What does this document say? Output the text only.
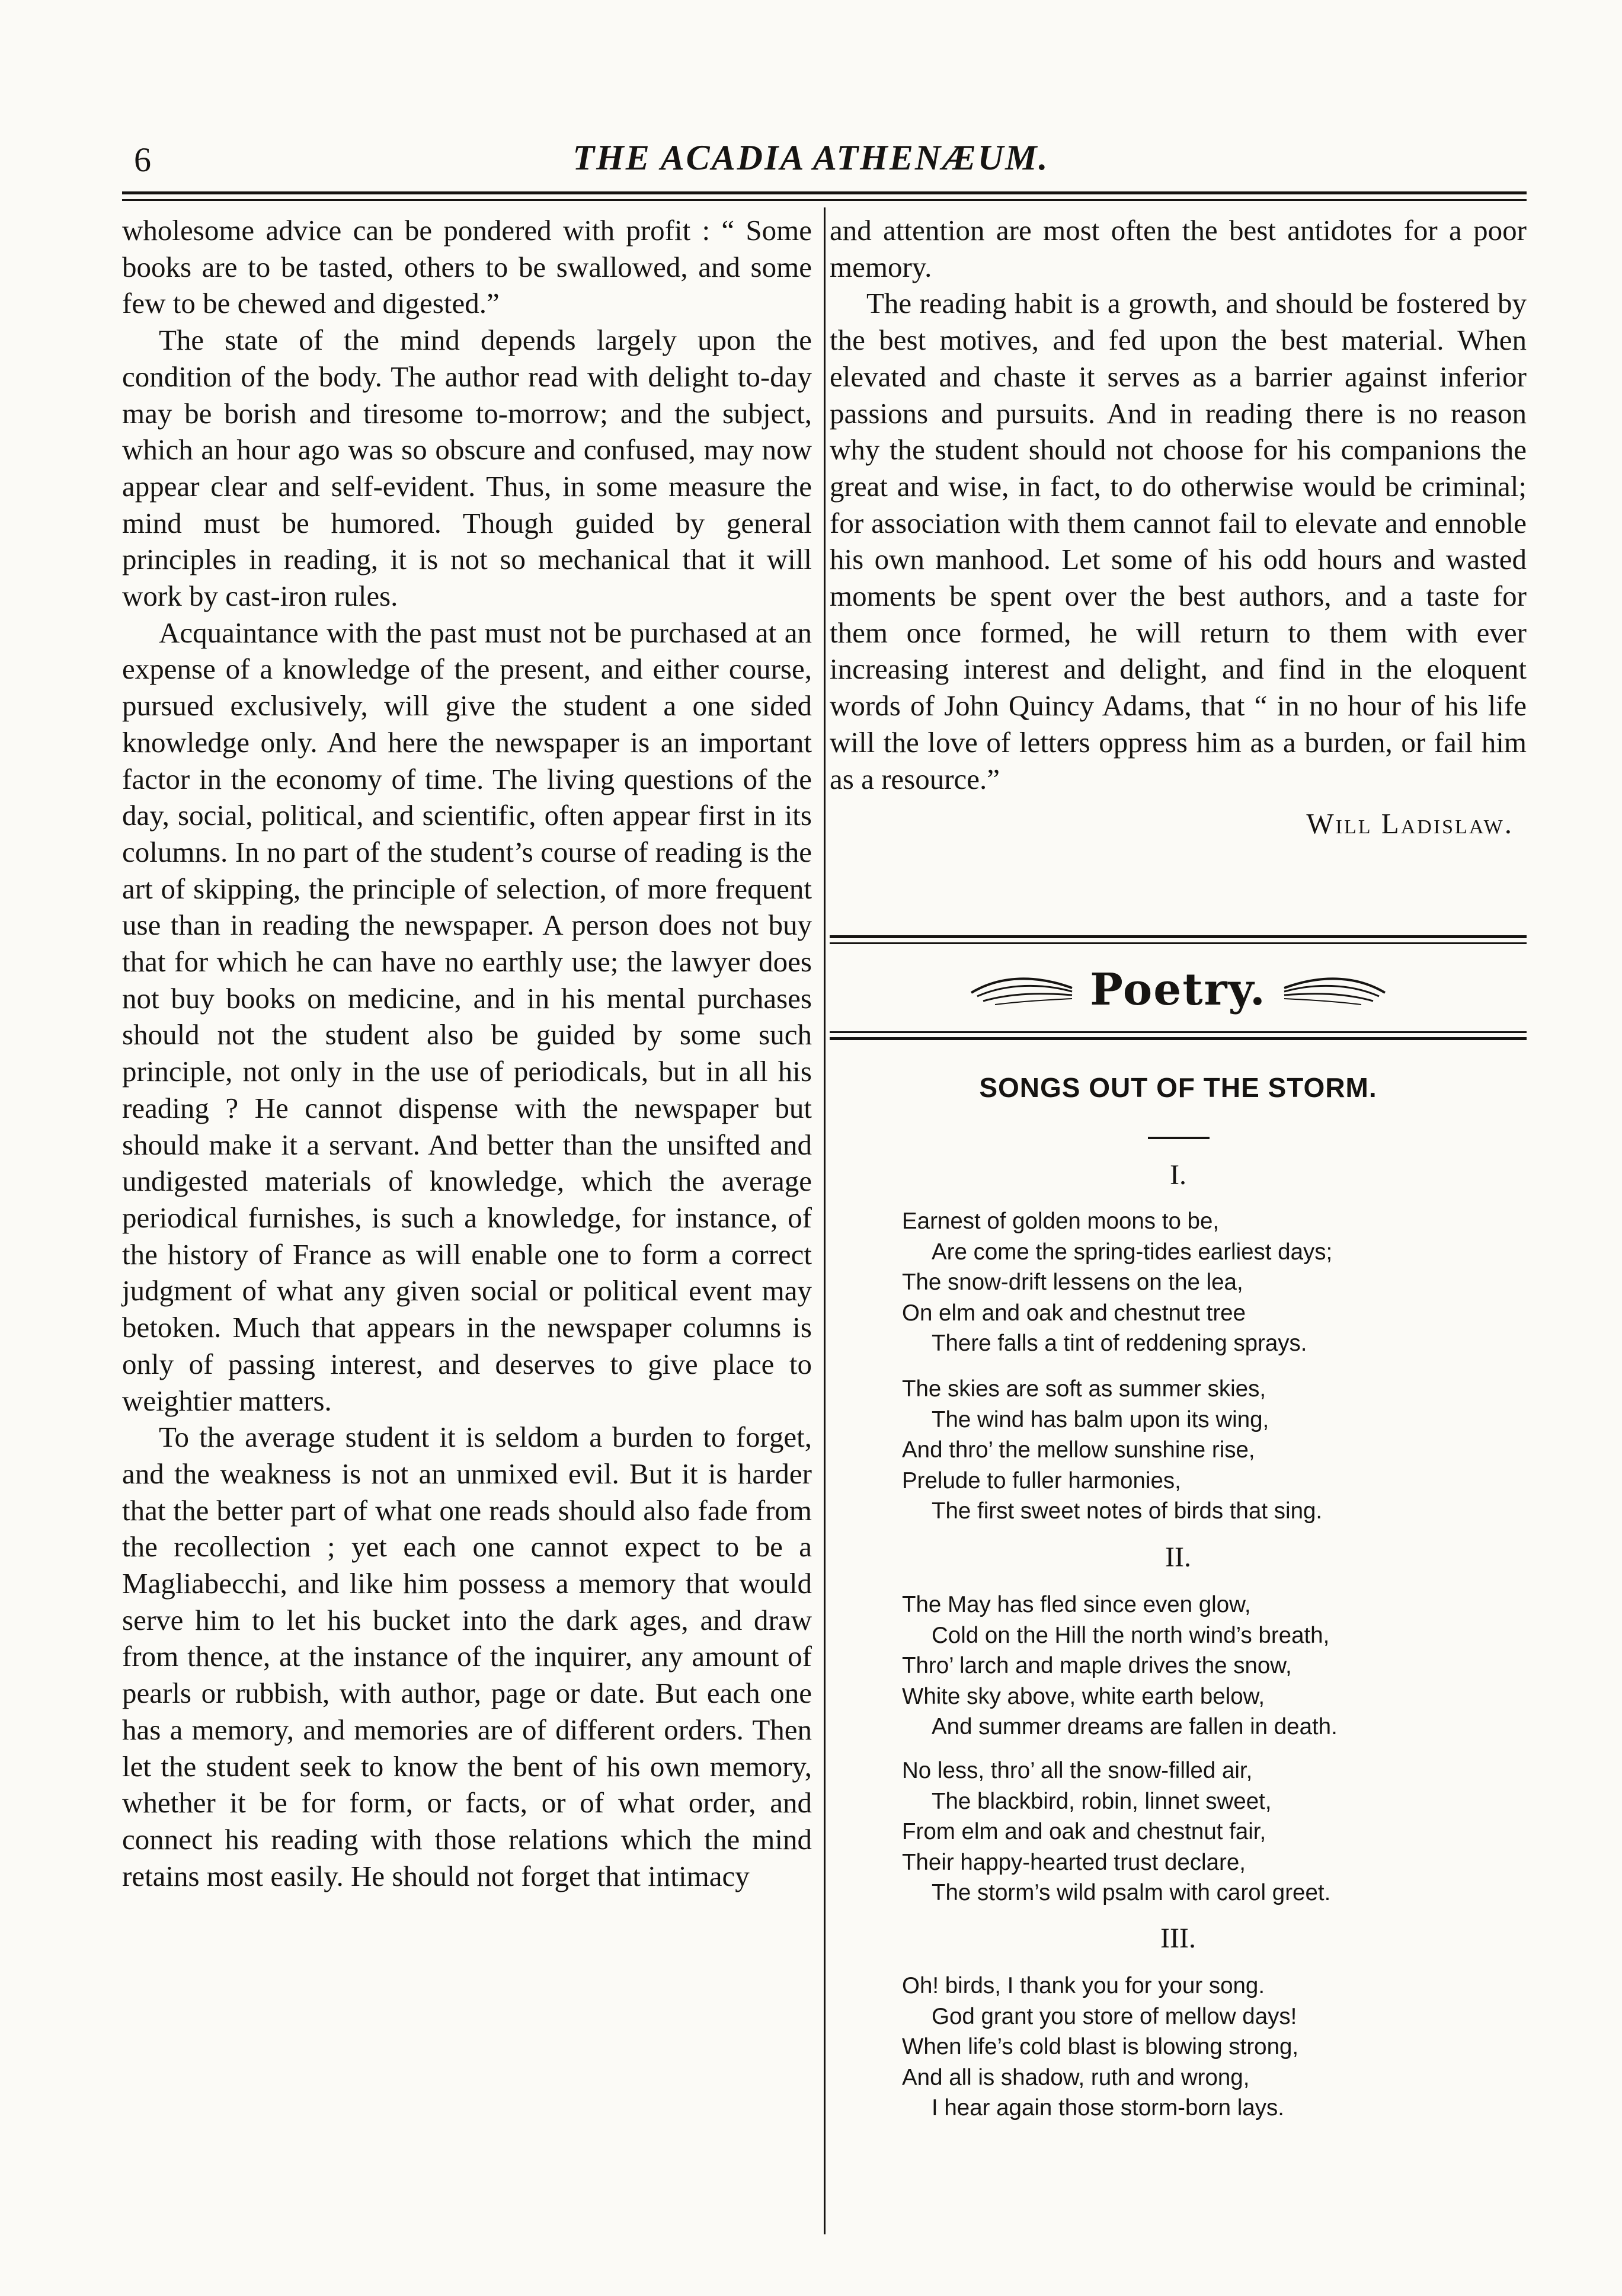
6	THE ACADIA ATHENÆUM.

wholesome advice can be pondered with profit : “ Some books are to be tasted, others to be swallowed, and some few to be chewed and digested.”

The state of the mind depends largely upon the condition of the body. The author read with delight to-day may be borish and tiresome to-morrow; and the subject, which an hour ago was so obscure and confused, may now appear clear and self-evident. Thus, in some measure the mind must be humored. Though guided by general principles in reading, it is not so mechanical that it will work by cast-iron rules.

Acquaintance with the past must not be purchased at an expense of a knowledge of the present, and either course, pursued exclusively, will give the student a one sided knowledge only. And here the newspaper is an important factor in the economy of time. The living questions of the day, social, political, and scientific, often appear first in its columns. In no part of the student’s course of reading is the art of skipping, the principle of selection, of more frequent use than in reading the newspaper. A person does not buy that for which he can have no earthly use; the lawyer does not buy books on medicine, and in his mental purchases should not the student also be guided by some such principle, not only in the use of periodicals, but in all his reading ? He cannot dispense with the newspaper but should make it a servant. And better than the unsifted and undigested materials of knowledge, which the average periodical furnishes, is such a knowledge, for instance, of the history of France as will enable one to form a correct judgment of what any given social or political event may betoken. Much that appears in the newspaper columns is only of passing interest, and deserves to give place to weightier matters.

To the average student it is seldom a burden to forget, and the weakness is not an unmixed evil. But it is harder that the better part of what one reads should also fade from the recollection ; yet each one cannot expect to be a Magliabecchi, and like him possess a memory that would serve him to let his bucket into the dark ages, and draw from thence, at the instance of the inquirer, any amount of pearls or rubbish, with author, page or date. But each one has a memory, and memories are of different orders. Then let the student seek to know the bent of his own memory, whether it be for form, or facts, or of what order, and connect his reading with those relations which the mind retains most easily. He should not forget that intimacy

and attention are most often the best antidotes for a poor memory.

The reading habit is a growth, and should be fostered by the best motives, and fed upon the best material. When elevated and chaste it serves as a barrier against inferior passions and pursuits. And in reading there is no reason why the student should not choose for his companions the great and wise, in fact, to do otherwise would be criminal; for association with them cannot fail to elevate and ennoble his own manhood. Let some of his odd hours and wasted moments be spent over the best authors, and a taste for them once formed, he will return to them with ever increasing interest and delight, and find in the eloquent words of John Quincy Adams, that “ in no hour of his life will the love of letters oppress him as a burden, or fail him as a resource.”

Will Ladislaw.
Poetry.
SONGS OUT OF THE STORM.
I.
Earnest of golden moons to be,
Are come the spring-tides earliest days;
The snow-drift lessens on the lea,
On elm and oak and chestnut tree
There falls a tint of reddening sprays.
The skies are soft as summer skies,
The wind has balm upon its wing,
And thro’ the mellow sunshine rise,
Prelude to fuller harmonies,
The first sweet notes of birds that sing.
II.
The May has fled since even glow,
Cold on the Hill the north wind’s breath,
Thro’ larch and maple drives the snow,
White sky above, white earth below,
And summer dreams are fallen in death.
No less, thro’ all the snow-filled air,
The blackbird, robin, linnet sweet,
From elm and oak and chestnut fair,
Their happy-hearted trust declare,
The storm’s wild psalm with carol greet.
III.
Oh! birds, I thank you for your song.
God grant you store of mellow days!
When life’s cold blast is blowing strong,
And all is shadow, ruth and wrong,
I hear again those storm-born lays.
